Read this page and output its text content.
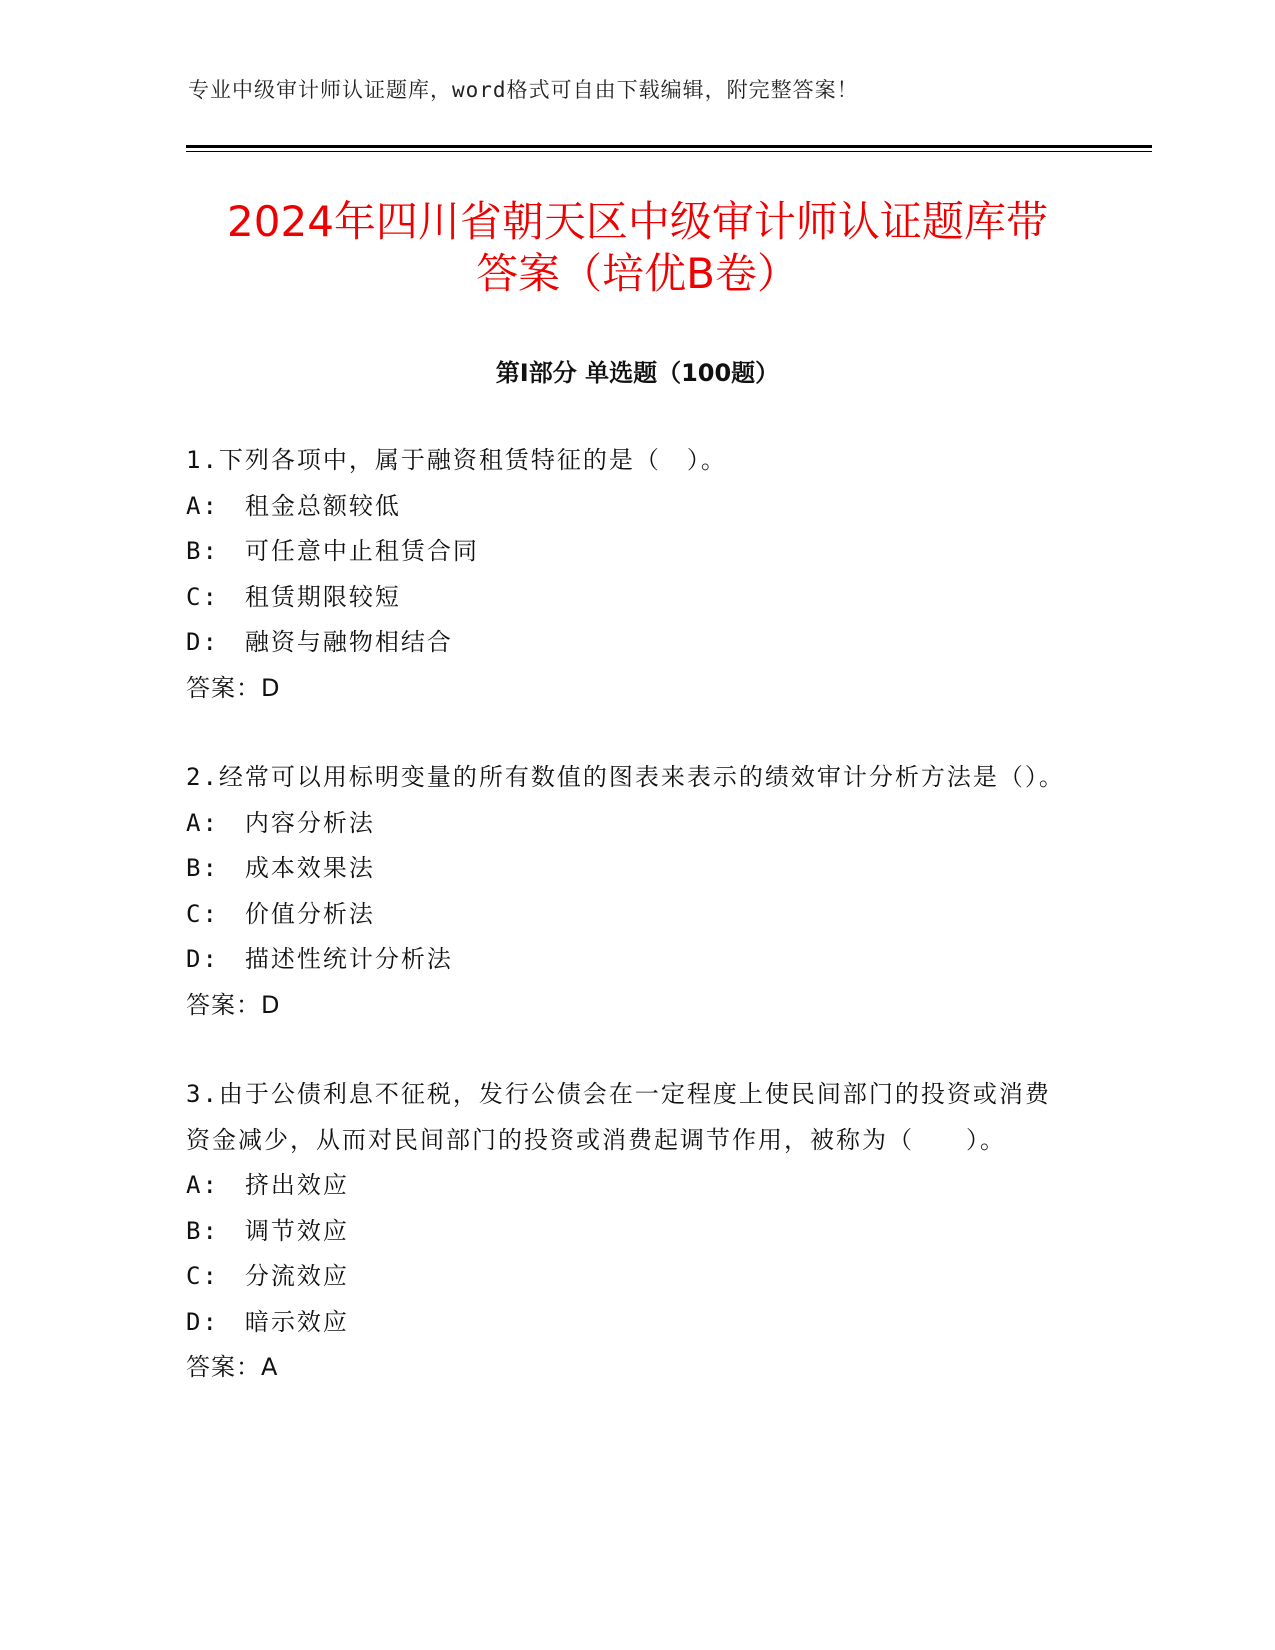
专业中级审计师认证题库，word格式可自由下载编辑，附完整答案！
2024年四川省朝天区中级审计师认证题库带
答案（培优B卷）
第I部分 单选题（100题）
1.下列各项中，属于融资租赁特征的是（　）。
A:　租金总额较低
B:　可任意中止租赁合同
C:　租赁期限较短
D:　融资与融物相结合
答案：D
2.经常可以用标明变量的所有数值的图表来表示的绩效审计分析方法是（）。
A:　内容分析法
B:　成本效果法
C:　价值分析法
D:　描述性统计分析法
答案：D
3.由于公债利息不征税，发行公债会在一定程度上使民间部门的投资或消费资金减少，从而对民间部门的投资或消费起调节作用，被称为（　　）。
A:　挤出效应
B:　调节效应
C:　分流效应
D:　暗示效应
答案：A
